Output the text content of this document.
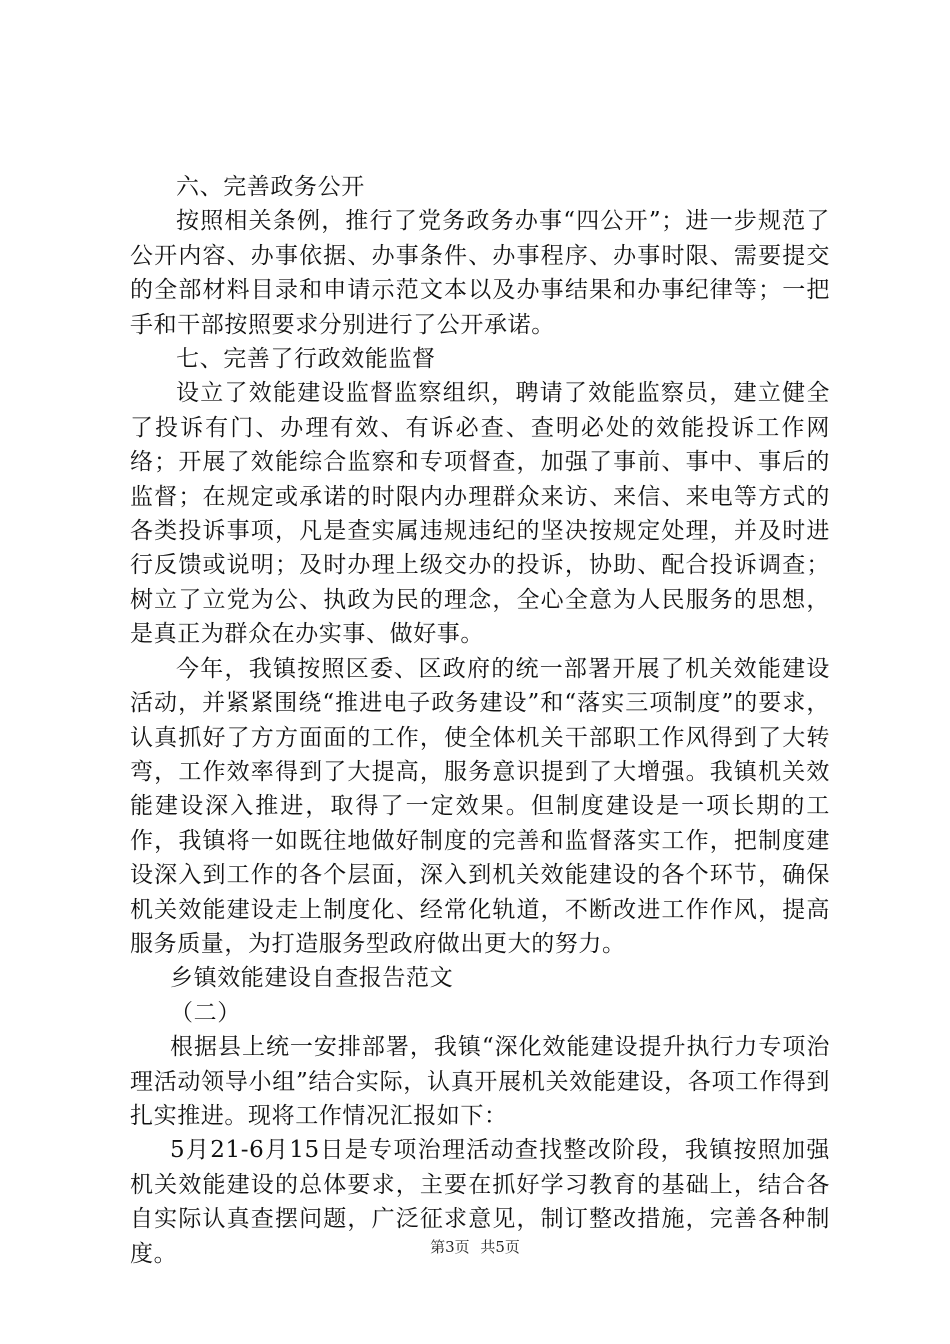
六、完善政务公开

按照相关条例，推行了党务政务办事“四公开”；进一步规范了公开内容、办事依据、办事条件、办事程序、办事时限、需要提交的全部材料目录和申请示范文本以及办事结果和办事纪律等；一把手和干部按照要求分别进行了公开承诺。

七、完善了行政效能监督

设立了效能建设监督监察组织，聘请了效能监察员，建立健全了投诉有门、办理有效、有诉必查、查明必处的效能投诉工作网络；开展了效能综合监察和专项督查，加强了事前、事中、事后的监督；在规定或承诺的时限内办理群众来访、来信、来电等方式的各类投诉事项，凡是查实属违规违纪的坚决按规定处理，并及时进行反馈或说明；及时办理上级交办的投诉，协助、配合投诉调查；树立了立党为公、执政为民的理念，全心全意为人民服务的思想，是真正为群众在办实事、做好事。

今年，我镇按照区委、区政府的统一部署开展了机关效能建设活动，并紧紧围绕“推进电子政务建设”和“落实三项制度”的要求，认真抓好了方方面面的工作，使全体机关干部职工作风得到了大转弯，工作效率得到了大提高，服务意识提到了大增强。我镇机关效能建设深入推进，取得了一定效果。但制度建设是一项长期的工作，我镇将一如既往地做好制度的完善和监督落实工作，把制度建设深入到工作的各个层面，深入到机关效能建设的各个环节，确保机关效能建设走上制度化、经常化轨道，不断改进工作作风，提高服务质量，为打造服务型政府做出更大的努力。

乡镇效能建设自查报告范文

（二）

根据县上统一安排部署，我镇“深化效能建设提升执行力专项治理活动领导小组”结合实际，认真开展机关效能建设，各项工作得到扎实推进。现将工作情况汇报如下：

5月21-6月15日是专项治理活动查找整改阶段，我镇按照加强机关效能建设的总体要求，主要在抓好学习教育的基础上，结合各自实际认真查摆问题，广泛征求意见，制订整改措施，完善各种制度。	第3页 共5页
